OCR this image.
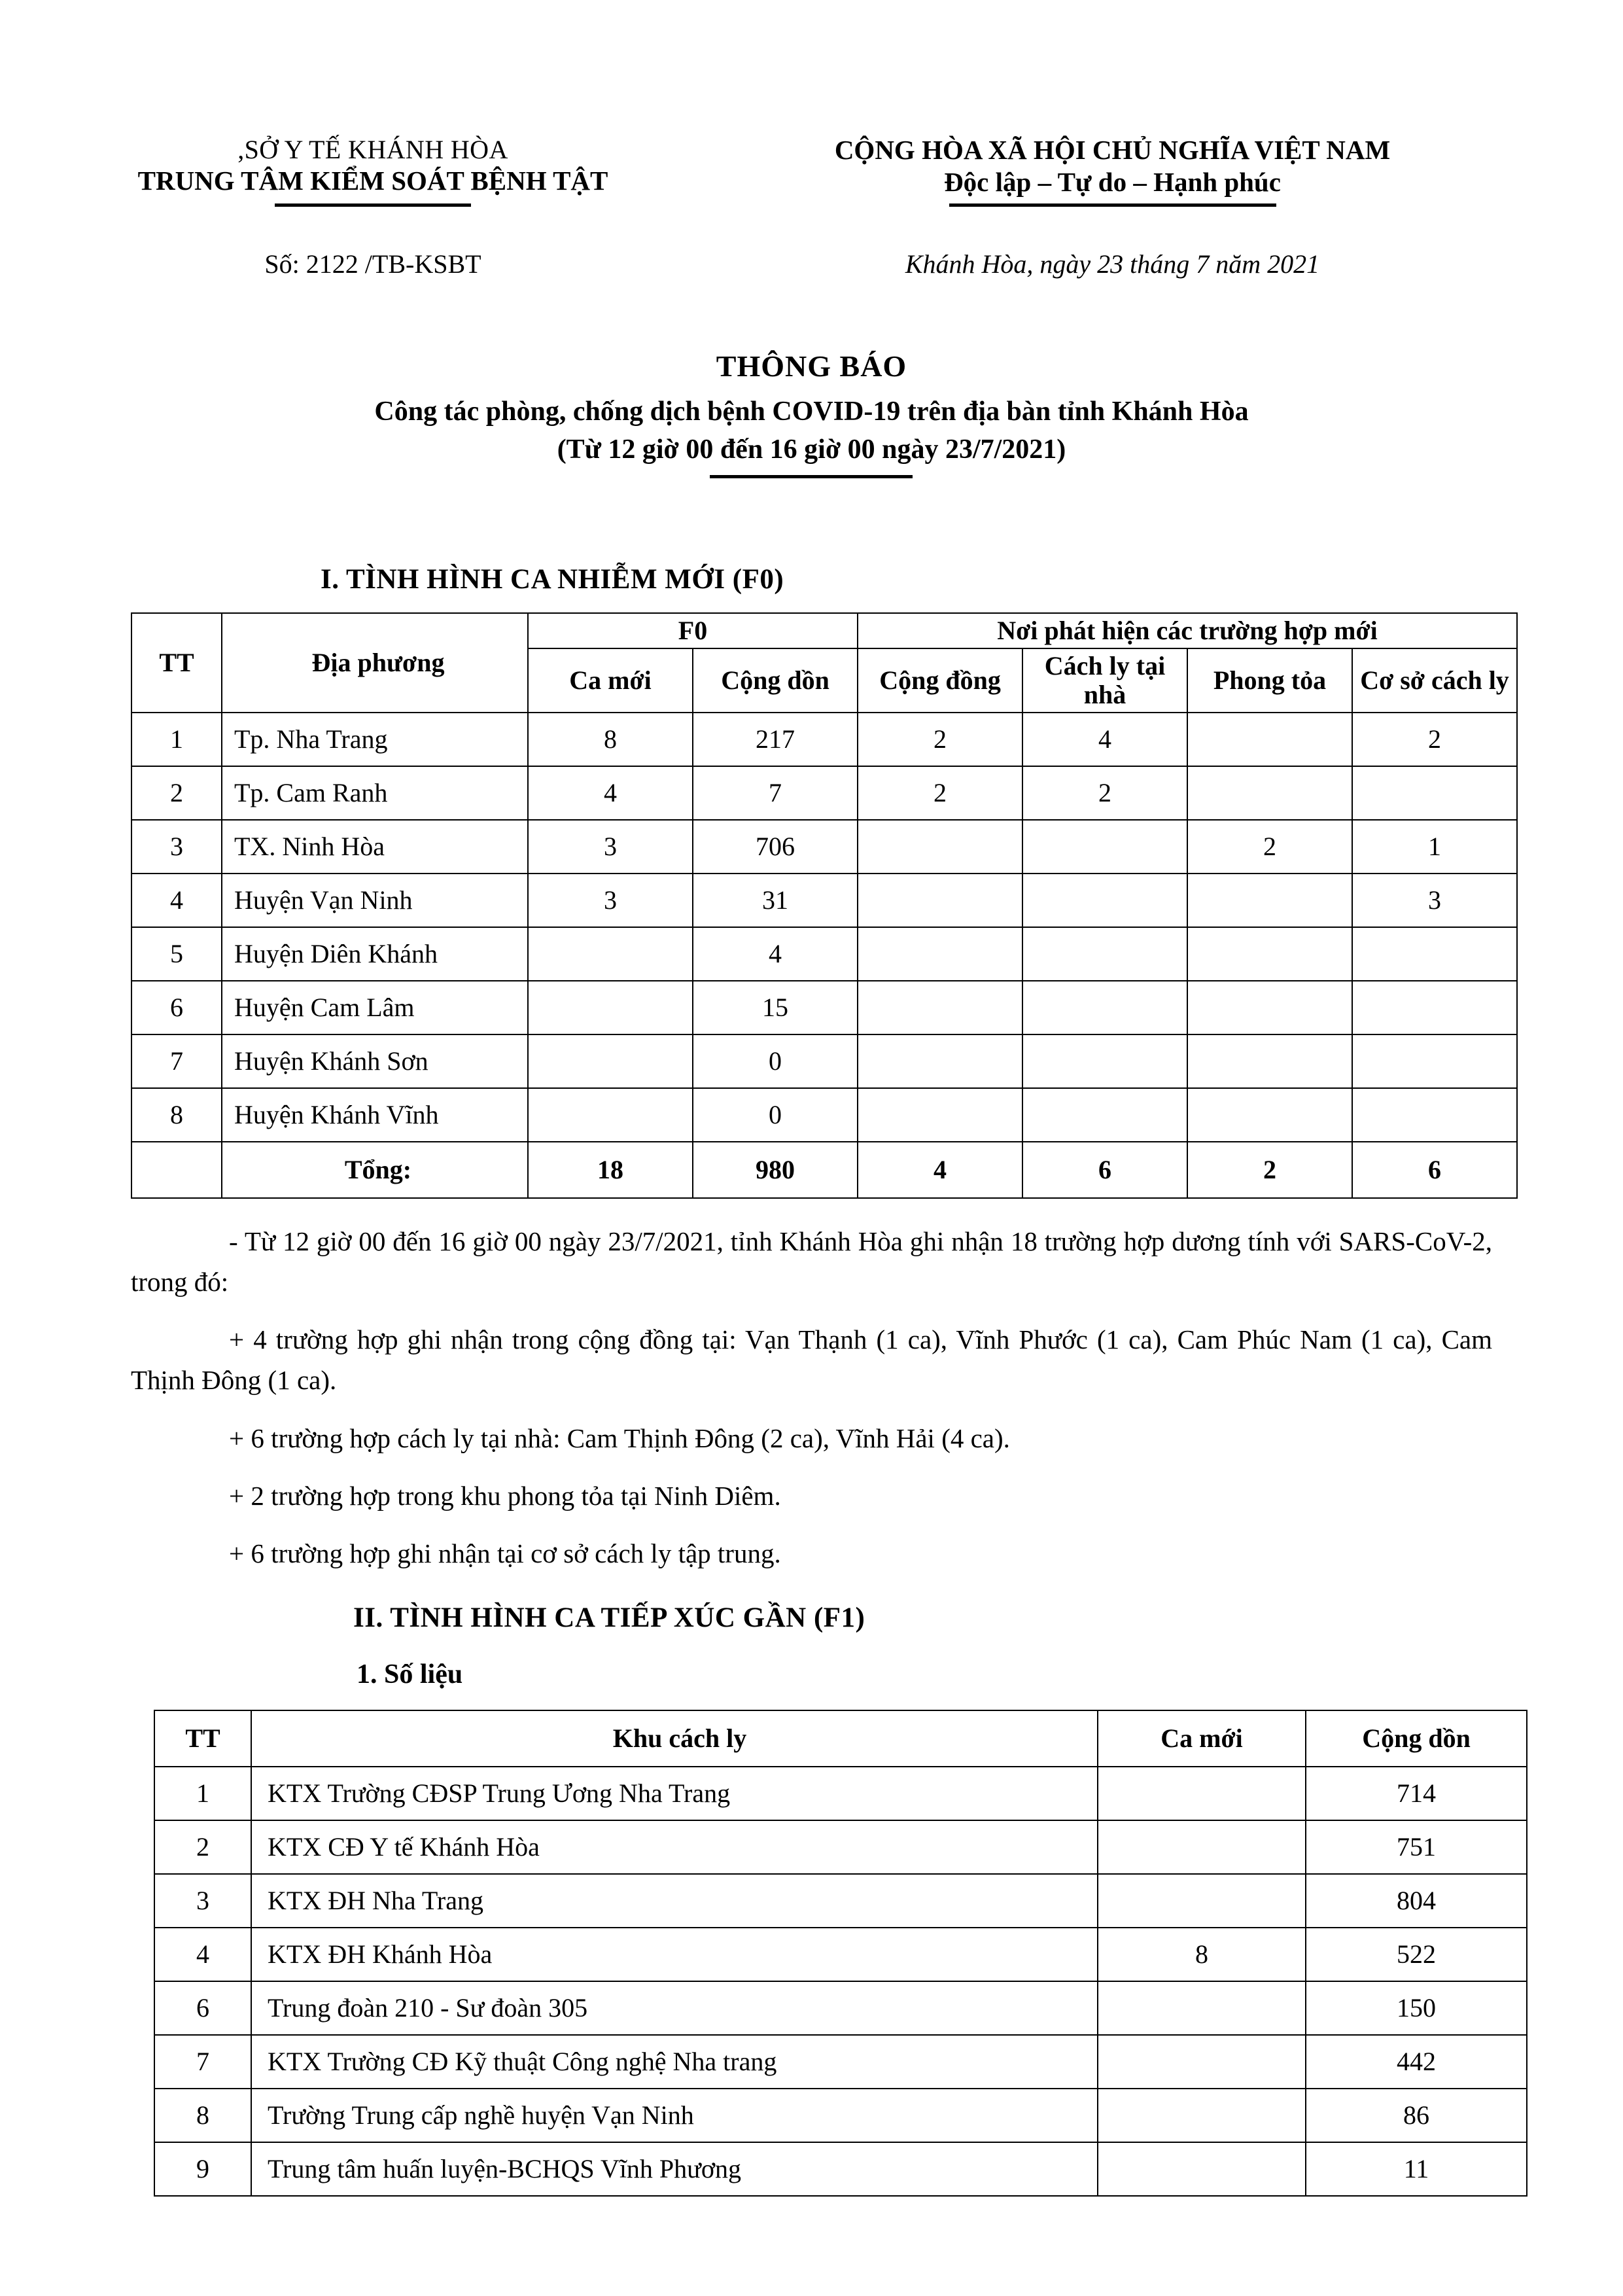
,SỞ Y TẾ KHÁNH HÒA
TRUNG TÂM KIỂM SOÁT BỆNH TẬT
CỘNG HÒA XÃ HỘI CHỦ NGHĨA VIỆT NAM
Độc lập – Tự do – Hạnh phúc
Số: 2122 /TB-KSBT	Khánh Hòa, ngày 23 tháng 7 năm 2021
THÔNG BÁO
Công tác phòng, chống dịch bệnh COVID-19 trên địa bàn tỉnh Khánh Hòa
(Từ 12 giờ 00 đến 16 giờ 00 ngày 23/7/2021)
I. TÌNH HÌNH CA NHIỄM MỚI (F0)
TT	Địa phương	F0		Nơi phát hiện các trường hợp mới			
		Ca mới	Cộng dồn	Cộng đồng	Cách ly tại nhà	Phong tỏa	Cơ sở cách ly
1	Tp. Nha Trang	8	217	2	4		2
2	Tp. Cam Ranh	4	7	2	2		
3	TX. Ninh Hòa	3	706			2	1
4	Huyện Vạn Ninh	3	31				3
5	Huyện Diên Khánh		4				
6	Huyện Cam Lâm		15				
7	Huyện Khánh Sơn		0				
8	Huyện Khánh Vĩnh		0				
	Tổng:	18	980	4	6	2	6
- Từ 12 giờ 00 đến 16 giờ 00 ngày 23/7/2021, tỉnh Khánh Hòa ghi nhận 18 trường hợp dương tính với SARS-CoV-2, trong đó:
+ 4 trường hợp ghi nhận trong cộng đồng tại: Vạn Thạnh (1 ca), Vĩnh Phước (1 ca), Cam Phúc Nam (1 ca), Cam Thịnh Đông (1 ca).
+ 6 trường hợp cách ly tại nhà: Cam Thịnh Đông (2 ca), Vĩnh Hải (4 ca).
+ 2 trường hợp trong khu phong tỏa tại Ninh Diêm.
+ 6 trường hợp ghi nhận tại cơ sở cách ly tập trung.
II. TÌNH HÌNH CA TIẾP XÚC GẦN (F1)
1. Số liệu
TT	Khu cách ly	Ca mới	Cộng dồn
1	KTX Trường CĐSP Trung Ương Nha Trang		714
2	KTX CĐ Y tế Khánh Hòa		751
3	KTX ĐH Nha Trang		804
4	KTX ĐH Khánh Hòa	8	522
6	Trung đoàn 210 - Sư đoàn 305		150
7	KTX Trường CĐ Kỹ thuật Công nghệ Nha trang		442
8	Trường Trung cấp nghề huyện Vạn Ninh		86
9	Trung tâm huấn luyện-BCHQS Vĩnh Phương		11
